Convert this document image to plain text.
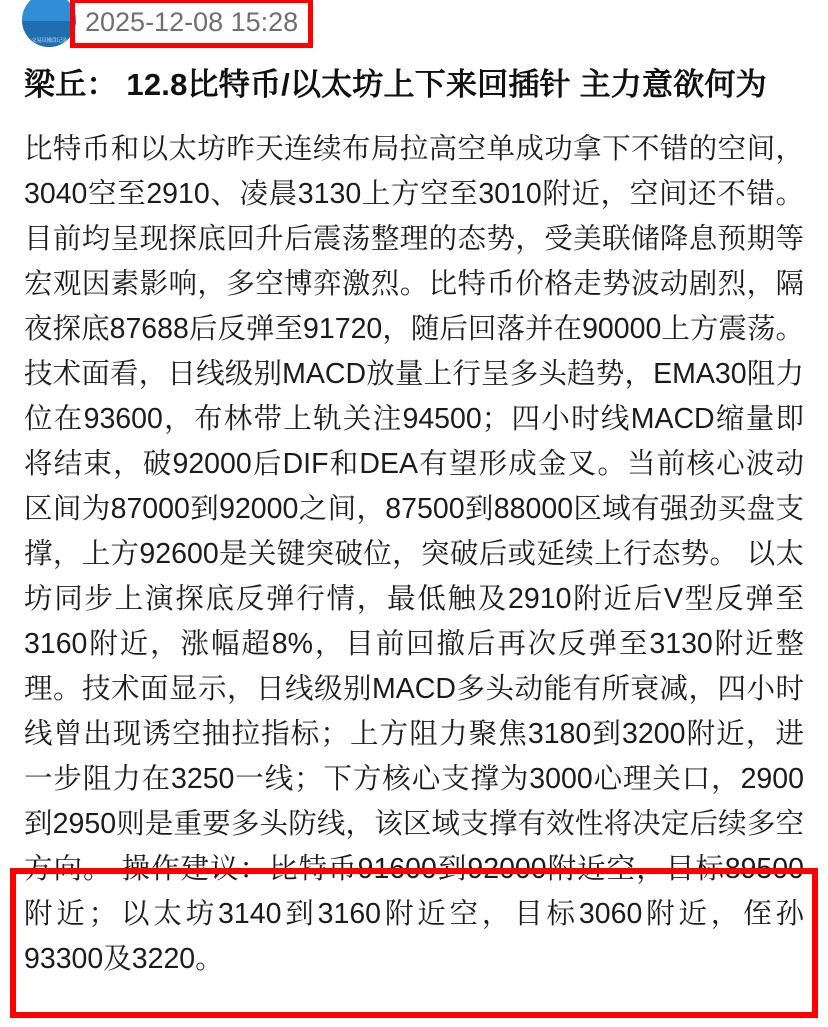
交易员操盘记录
2025-12-08 15:28
梁丘： 12.8比特币/以太坊上下来回插针 主力意欲何为
比特币和以太坊昨天连续布局拉高空单成功拿下不错的空间，3040空至2910、凌晨3130上方空至3010附近，空间还不错。目前均呈现探底回升后震荡整理的态势，受美联储降息预期等宏观因素影响，多空博弈激烈。比特币价格走势波动剧烈，隔夜探底87688后反弹至91720，随后回落并在90000上方震荡。技术面看，日线级别MACD放量上行呈多头趋势，EMA30阻力位在93600，布林带上轨关注94500；四小时线MACD缩量即将结束，破92000后DIF和DEA有望形成金叉。当前核心波动区间为87000到92000之间，87500到88000区域有强劲买盘支撑，上方92600是关键突破位，突破后或延续上行态势。 以太坊同步上演探底反弹行情，最低触及2910附近后V型反弹至3160附近，涨幅超8%，目前回撤后再次反弹至3130附近整理。技术面显示，日线级别MACD多头动能有所衰减，四小时线曾出现诱空抽拉指标；上方阻力聚焦3180到3200附近，进一步阻力在3250一线；下方核心支撑为3000心理关口，2900到2950则是重要多头防线，该区域支撑有效性将决定后续多空方向。 操作建议：比特币91600到92000附近空，目标89500附近；以太坊3140到3160附近空，目标3060附近，侄孙93300及3220。
